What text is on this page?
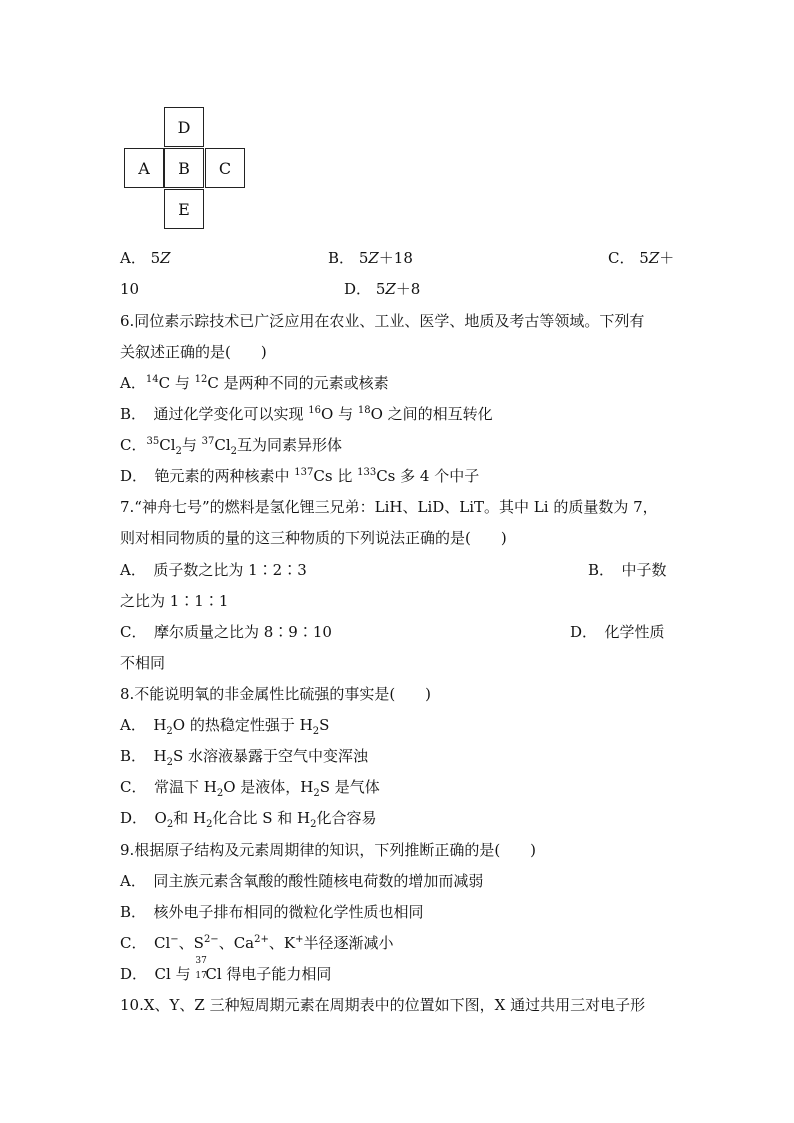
D
A	B	C
E
A． 5Z	B． 5Z＋18	C． 5Z＋
10	D． 5Z＋8
6.同位素示踪技术已广泛应用在农业、工业、医学、地质及考古等领域。下列有
关叙述正确的是(　　)
A．$^{14}$C 与 $^{12}$C 是两种不同的元素或核素
B．　通过化学变化可以实现 $^{16}$O 与 $^{18}$O 之间的相互转化
C．$^{35}Cl_2$与 $^{37}Cl_2$互为同素异形体
D．　铯元素的两种核素中 $^{137}$Cs 比 $^{133}$Cs 多 4 个中子
7.“神舟七号”的燃料是氢化锂三兄弟：LiH、LiD、LiT。其中 Li 的质量数为 7，
则对相同物质的量的这三种物质的下列说法正确的是(　　)
A．　质子数之比为 1∶2∶3	B．　中子数
之比为 1∶1∶1
C．　摩尔质量之比为 8∶9∶10	D．　化学性质
不相同
8.不能说明氧的非金属性比硫强的事实是(　　)
A．　$H_2O$ 的热稳定性强于 $H_2S$
B．　$H_2S$ 水溶液暴露于空气中变浑浊
C．　常温下 $H_2O$ 是液体，$H_2S$ 是气体
D．　$O_2$和 $H_2$化合比 S 和 $H_2$化合容易
9.根据原子结构及元素周期律的知识，下列推断正确的是(　　)
A．　同主族元素含氧酸的酸性随核电荷数的增加而减弱
B．　核外电子排布相同的微粒化学性质也相同
C．　Cl−、$S^{2-}$、$Ca^{2+}$、K+半径逐渐减小
D．　Cl 与
37
17
Cl 得电子能力相同
10.X、Y、Z 三种短周期元素在周期表中的位置如下图，X 通过共用三对电子形
